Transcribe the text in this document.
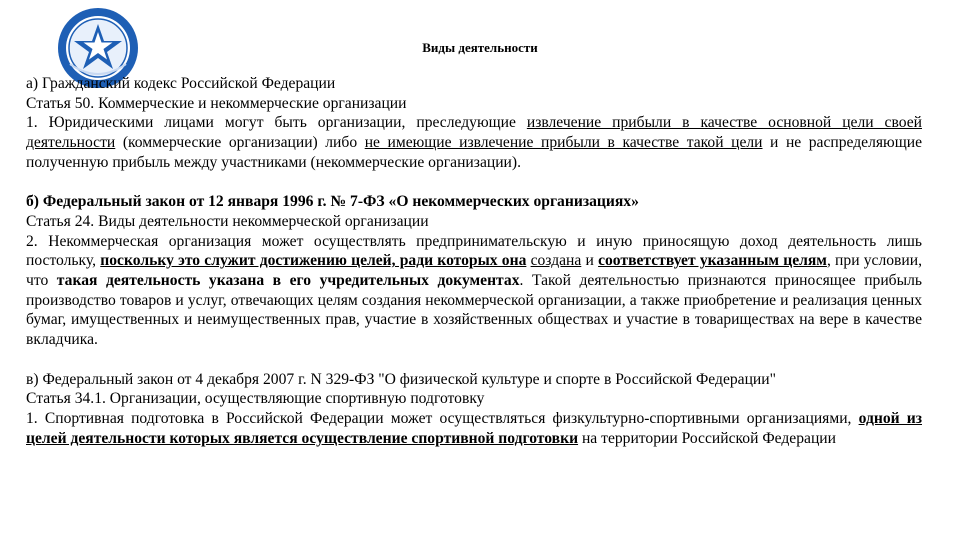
Виды деятельности

а) Гражданский кодекс Российской Федерации

Статья 50. Коммерческие и некоммерческие организации

1. Юридическими лицами могут быть организации, преследующие извлечение прибыли в качестве основной цели своей деятельности (коммерческие организации) либо не имеющие извлечение прибыли в качестве такой цели и не распределяющие полученную прибыль между участниками (некоммерческие организации).

б) Федеральный закон от 12 января 1996 г. № 7-ФЗ «О некоммерческих организациях»

Статья 24. Виды деятельности некоммерческой организации

2. Некоммерческая организация может осуществлять предпринимательскую и иную приносящую доход деятельность лишь постольку, поскольку это служит достижению целей, ради которых она создана и соответствует указанным целям, при условии, что такая деятельность указана в его учредительных документах. Такой деятельностью признаются приносящее прибыль производство товаров и услуг, отвечающих целям создания некоммерческой организации, а также приобретение и реализация ценных бумаг, имущественных и неимущественных прав, участие в хозяйственных обществах и участие в товариществах на вере в качестве вкладчика.

в) Федеральный закон от 4 декабря 2007 г. N 329-ФЗ "О физической культуре и спорте в Российской Федерации"

Статья 34.1. Организации, осуществляющие спортивную подготовку

1. Спортивная подготовка в Российской Федерации может осуществляться физкультурно-спортивными организациями, одной из целей деятельности которых является осуществление спортивной подготовки на территории Российской Федерации
